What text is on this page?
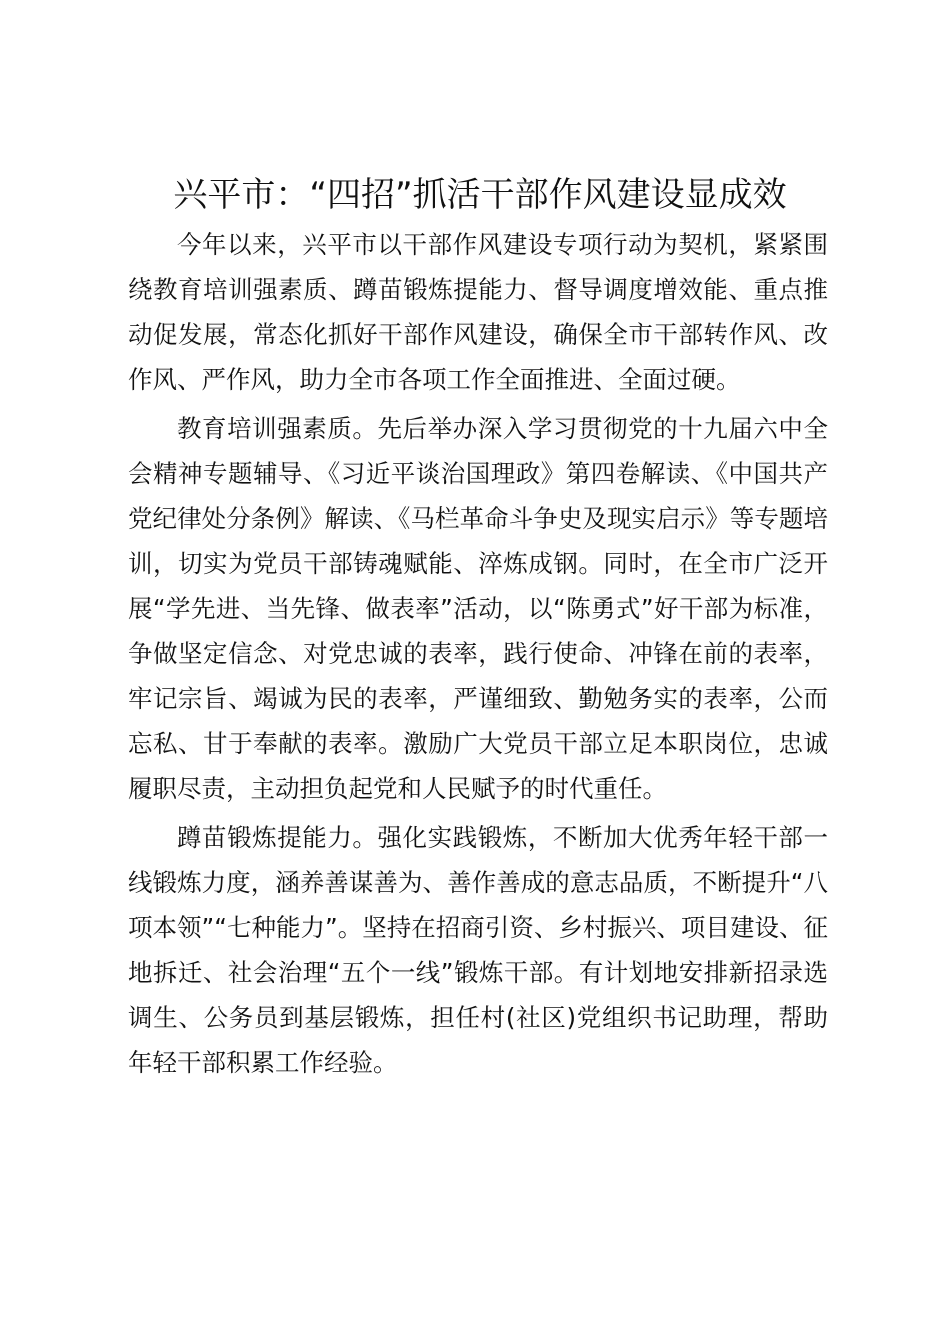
兴平市：“四招”抓活干部作风建设显成效

今年以来，兴平市以干部作风建设专项行动为契机，紧紧围绕教育培训强素质、蹲苗锻炼提能力、督导调度增效能、重点推动促发展，常态化抓好干部作风建设，确保全市干部转作风、改作风、严作风，助力全市各项工作全面推进、全面过硬。

教育培训强素质。先后举办深入学习贯彻党的十九届六中全会精神专题辅导、《习近平谈治国理政》第四卷解读、《中国共产党纪律处分条例》解读、《马栏革命斗争史及现实启示》等专题培训，切实为党员干部铸魂赋能、淬炼成钢。同时，在全市广泛开展“学先进、当先锋、做表率”活动，以“陈勇式”好干部为标准，争做坚定信念、对党忠诚的表率，践行使命、冲锋在前的表率，牢记宗旨、竭诚为民的表率，严谨细致、勤勉务实的表率，公而忘私、甘于奉献的表率。激励广大党员干部立足本职岗位，忠诚履职尽责，主动担负起党和人民赋予的时代重任。

蹲苗锻炼提能力。强化实践锻炼，不断加大优秀年轻干部一线锻炼力度，涵养善谋善为、善作善成的意志品质，不断提升“八项本领”“七种能力”。坚持在招商引资、乡村振兴、项目建设、征地拆迁、社会治理“五个一线”锻炼干部。有计划地安排新招录选调生、公务员到基层锻炼，担任村(社区)党组织书记助理，帮助年轻干部积累工作经验。
